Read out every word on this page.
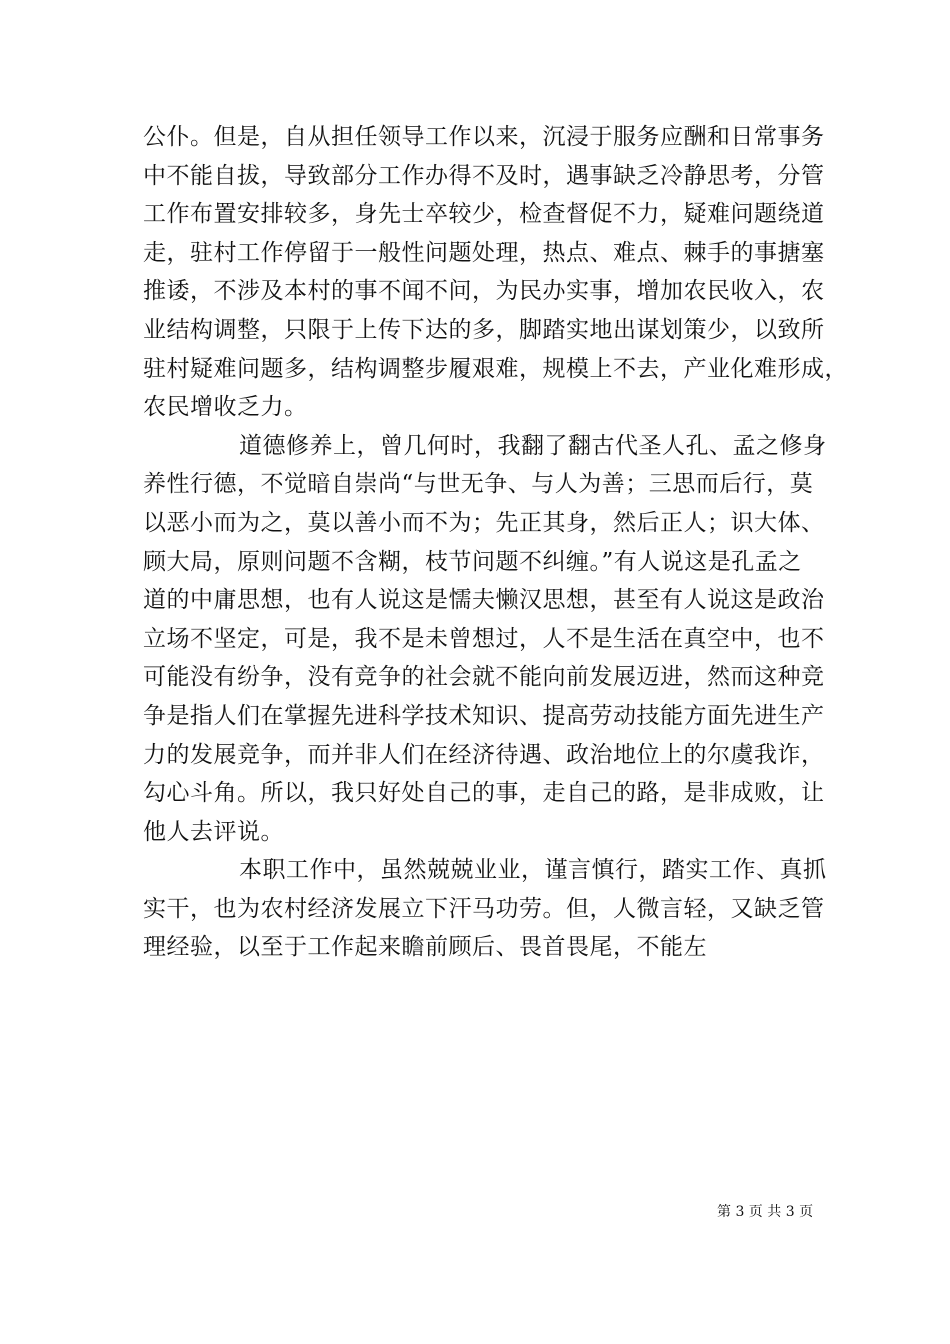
公仆。但是，自从担任领导工作以来，沉浸于服务应酬和日常事务
中不能自拔，导致部分工作办得不及时，遇事缺乏冷静思考，分管
工作布置安排较多，身先士卒较少，检查督促不力，疑难问题绕道
走，驻村工作停留于一般性问题处理，热点、难点、棘手的事搪塞
推诿，不涉及本村的事不闻不问，为民办实事，增加农民收入，农
业结构调整，只限于上传下达的多，脚踏实地出谋划策少，以致所
驻村疑难问题多，结构调整步履艰难，规模上不去，产业化难形成，
农民增收乏力。
道德修养上，曾几何时，我翻了翻古代圣人孔、孟之修身
养性行德，不觉暗自崇尚“与世无争、与人为善；三思而后行，莫
以恶小而为之，莫以善小而不为；先正其身，然后正人；识大体、
顾大局，原则问题不含糊，枝节问题不纠缠。”有人说这是孔孟之
道的中庸思想，也有人说这是懦夫懒汉思想，甚至有人说这是政治
立场不坚定，可是，我不是未曾想过，人不是生活在真空中，也不
可能没有纷争，没有竞争的社会就不能向前发展迈进，然而这种竞
争是指人们在掌握先进科学技术知识、提高劳动技能方面先进生产
力的发展竞争，而并非人们在经济待遇、政治地位上的尔虞我诈，
勾心斗角。所以，我只好处自己的事，走自己的路，是非成败，让
他人去评说。
本职工作中，虽然兢兢业业，谨言慎行，踏实工作、真抓
实干，也为农村经济发展立下汗马功劳。但，人微言轻，又缺乏管
理经验，以至于工作起来瞻前顾后、畏首畏尾，不能左
第 3 页 共 3 页
